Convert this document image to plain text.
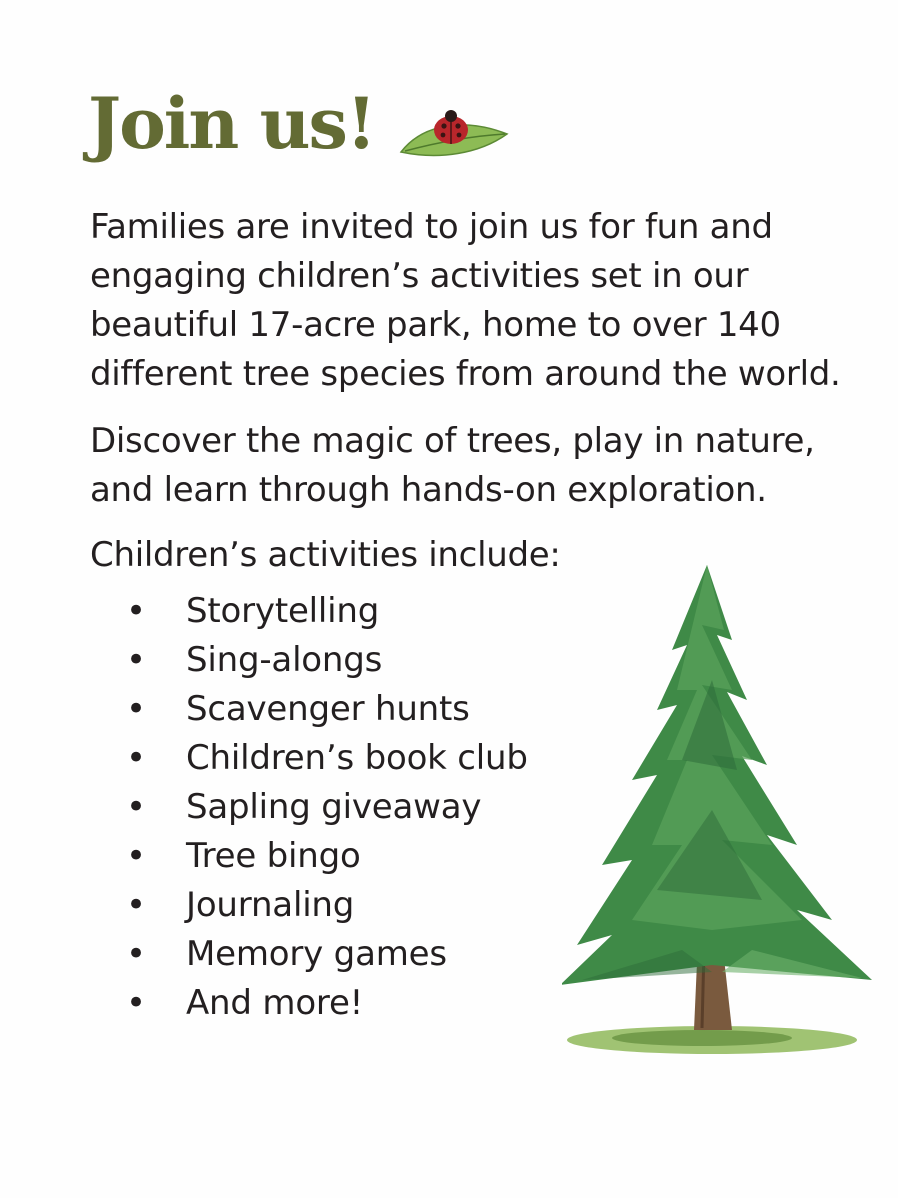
Join us!

Families are invited to join us for fun and engaging children’s activities set in our beautiful 17-acre park, home to over 140 different tree species from around the world.

Discover the magic of trees, play in nature, and learn through hands-on exploration.

Children’s activities include:

• Storytelling
• Sing-alongs
• Scavenger hunts
• Children’s book club
• Sapling giveaway
• Tree bingo
• Journaling
• Memory games
• And more!
